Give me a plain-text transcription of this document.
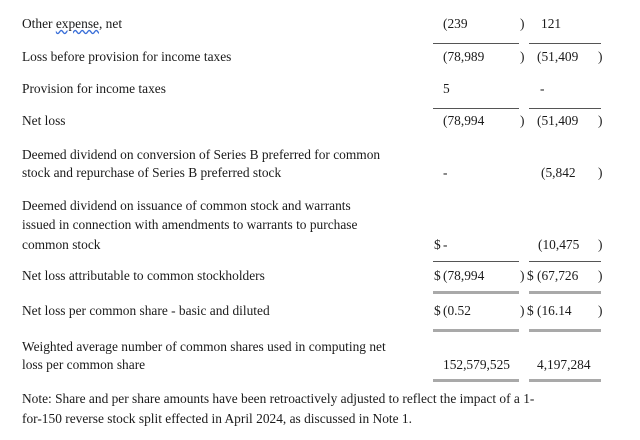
Other expense, net	(239	) 121
Loss before provision for income taxes	(78,989	) (51,409 )
Provision for income taxes	5	-
Net loss	(78,994	) (51,409 )
Deemed dividend on conversion of Series B preferred for common
stock and repurchase of Series B preferred stock	-	(5,842 )
Deemed dividend on issuance of common stock and warrants
issued in connection with amendments to warrants to purchase
common stock	$ -	(10,475 )
Net loss attributable to common stockholders	$ (78,994	) $ (67,726 )
Net loss per common share - basic and diluted	$ (0.52	) $ (16.14 )
Weighted average number of common shares used in computing net
loss per common share	152,579,525 4,197,284
Note: Share and per share amounts have been retroactively adjusted to reflect the impact of a 1-
for-150 reverse stock split effected in April 2024, as discussed in Note 1.
